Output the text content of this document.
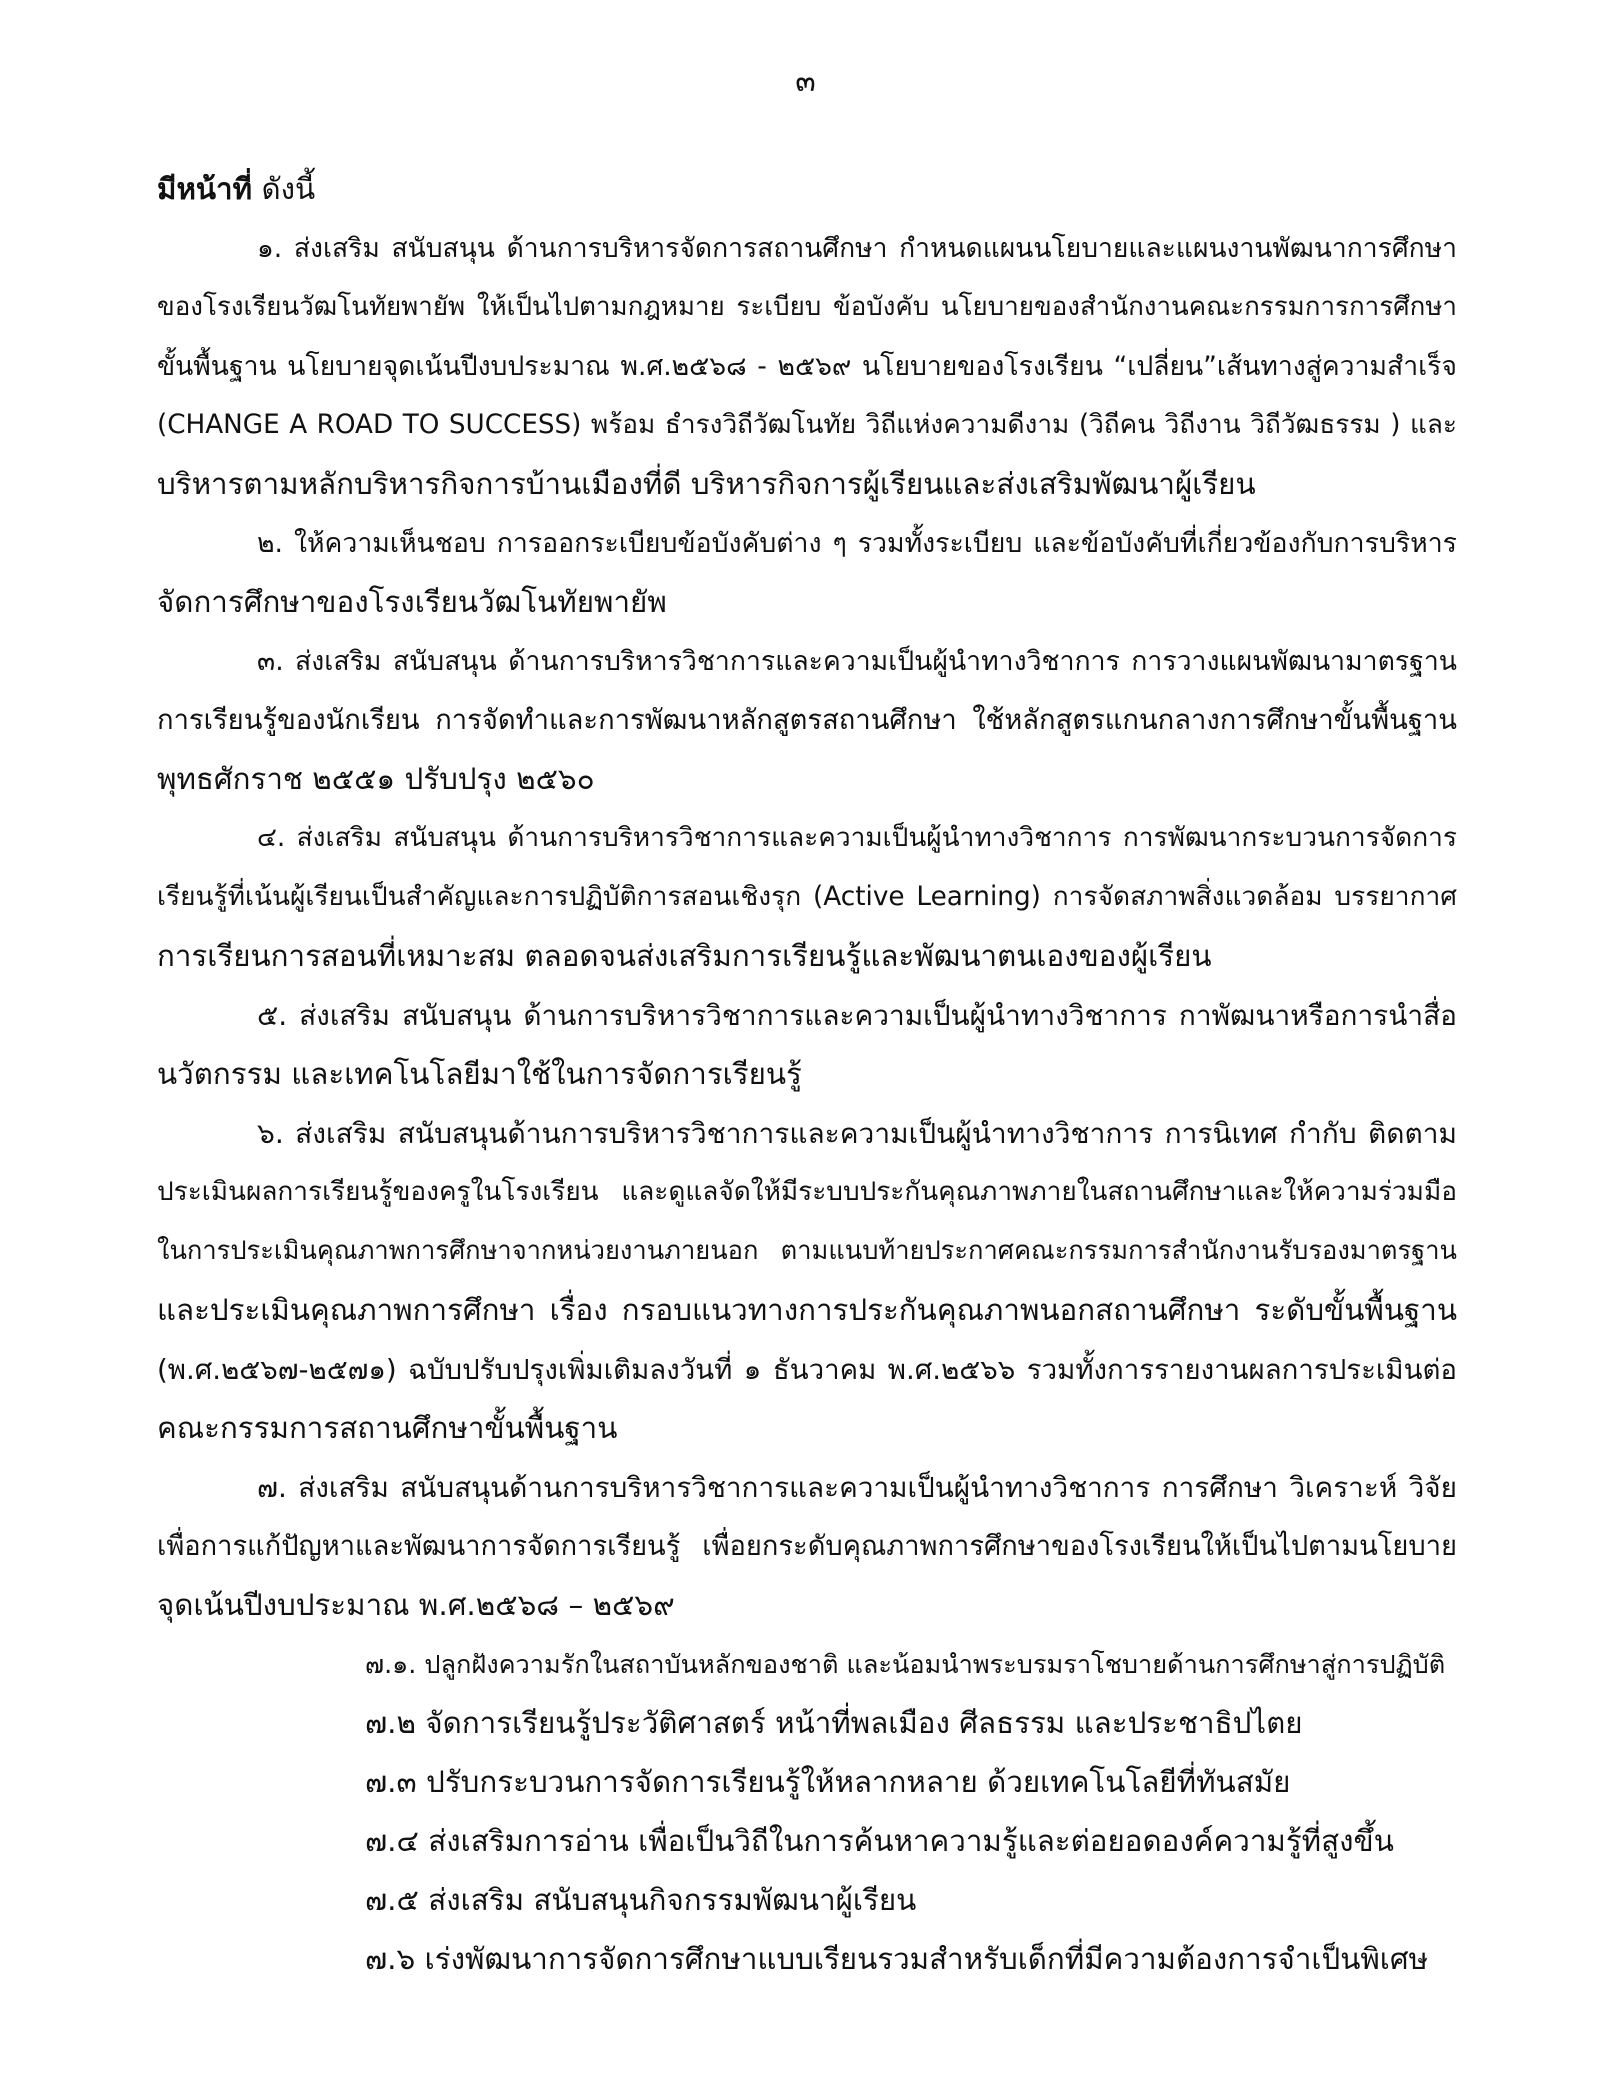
๓
มีหน้าที่ ดังนี้
๑. ส่งเสริม สนับสนุน ด้านการบริหารจัดการสถานศึกษา กำหนดแผนนโยบายและแผนงานพัฒนาการศึกษา
ของโรงเรียนวัฒโนทัยพายัพ ให้เป็นไปตามกฎหมาย ระเบียบ ข้อบังคับ นโยบายของสำนักงานคณะกรรมการการศึกษา
ขั้นพื้นฐาน นโยบายจุดเน้นปีงบประมาณ พ.ศ.๒๕๖๘ - ๒๕๖๙ นโยบายของโรงเรียน “เปลี่ยน”เส้นทางสู่ความสำเร็จ
(CHANGE A ROAD TO SUCCESS) พร้อม ธำรงวิถีวัฒโนทัย วิถีแห่งความดีงาม (วิถีคน วิถีงาน วิถีวัฒธรรม ) และ
บริหารตามหลักบริหารกิจการบ้านเมืองที่ดี บริหารกิจการผู้เรียนและส่งเสริมพัฒนาผู้เรียน
๒. ให้ความเห็นชอบ การออกระเบียบข้อบังคับต่าง ๆ รวมทั้งระเบียบ และข้อบังคับที่เกี่ยวข้องกับการบริหาร
จัดการศึกษาของโรงเรียนวัฒโนทัยพายัพ
๓. ส่งเสริม สนับสนุน ด้านการบริหารวิชาการและความเป็นผู้นำทางวิชาการ การวางแผนพัฒนามาตรฐาน
การเรียนรู้ของนักเรียน การจัดทำและการพัฒนาหลักสูตรสถานศึกษา ใช้หลักสูตรแกนกลางการศึกษาขั้นพื้นฐาน
พุทธศักราช ๒๕๕๑ ปรับปรุง ๒๕๖๐
๔. ส่งเสริม สนับสนุน ด้านการบริหารวิชาการและความเป็นผู้นำทางวิชาการ การพัฒนากระบวนการจัดการ
เรียนรู้ที่เน้นผู้เรียนเป็นสำคัญและการปฏิบัติการสอนเชิงรุก (Active Learning) การจัดสภาพสิ่งแวดล้อม บรรยากาศ
การเรียนการสอนที่เหมาะสม ตลอดจนส่งเสริมการเรียนรู้และพัฒนาตนเองของผู้เรียน
๕. ส่งเสริม สนับสนุน ด้านการบริหารวิชาการและความเป็นผู้นำทางวิชาการ กาพัฒนาหรือการนำสื่อ
นวัตกรรม และเทคโนโลยีมาใช้ในการจัดการเรียนรู้
๖. ส่งเสริม สนับสนุนด้านการบริหารวิชาการและความเป็นผู้นำทางวิชาการ การนิเทศ กำกับ ติดตาม
ประเมินผลการเรียนรู้ของครูในโรงเรียน และดูแลจัดให้มีระบบประกันคุณภาพภายในสถานศึกษาและให้ความร่วมมือ
ในการประเมินคุณภาพการศึกษาจากหน่วยงานภายนอก ตามแนบท้ายประกาศคณะกรรมการสำนักงานรับรองมาตรฐาน
และประเมินคุณภาพการศึกษา เรื่อง กรอบแนวทางการประกันคุณภาพนอกสถานศึกษา ระดับขั้นพื้นฐาน
(พ.ศ.๒๕๖๗-๒๕๗๑) ฉบับปรับปรุงเพิ่มเติมลงวันที่ ๑ ธันวาคม พ.ศ.๒๕๖๖ รวมทั้งการรายงานผลการประเมินต่อ
คณะกรรมการสถานศึกษาขั้นพื้นฐาน
๗. ส่งเสริม สนับสนุนด้านการบริหารวิชาการและความเป็นผู้นำทางวิชาการ การศึกษา วิเคราะห์ วิจัย
เพื่อการแก้ปัญหาและพัฒนาการจัดการเรียนรู้ เพื่อยกระดับคุณภาพการศึกษาของโรงเรียนให้เป็นไปตามนโยบาย
จุดเน้นปีงบประมาณ พ.ศ.๒๕๖๘ – ๒๕๖๙
๗.๑. ปลูกฝังความรักในสถาบันหลักของชาติ และน้อมนำพระบรมราโชบายด้านการศึกษาสู่การปฏิบัติ
๗.๒ จัดการเรียนรู้ประวัติศาสตร์ หน้าที่พลเมือง ศีลธรรม และประชาธิปไตย
๗.๓ ปรับกระบวนการจัดการเรียนรู้ให้หลากหลาย ด้วยเทคโนโลยีที่ทันสมัย
๗.๔ ส่งเสริมการอ่าน เพื่อเป็นวิถีในการค้นหาความรู้และต่อยอดองค์ความรู้ที่สูงขึ้น
๗.๕ ส่งเสริม สนับสนุนกิจกรรมพัฒนาผู้เรียน
๗.๖ เร่งพัฒนาการจัดการศึกษาแบบเรียนรวมสำหรับเด็กที่มีความต้องการจำเป็นพิเศษ
